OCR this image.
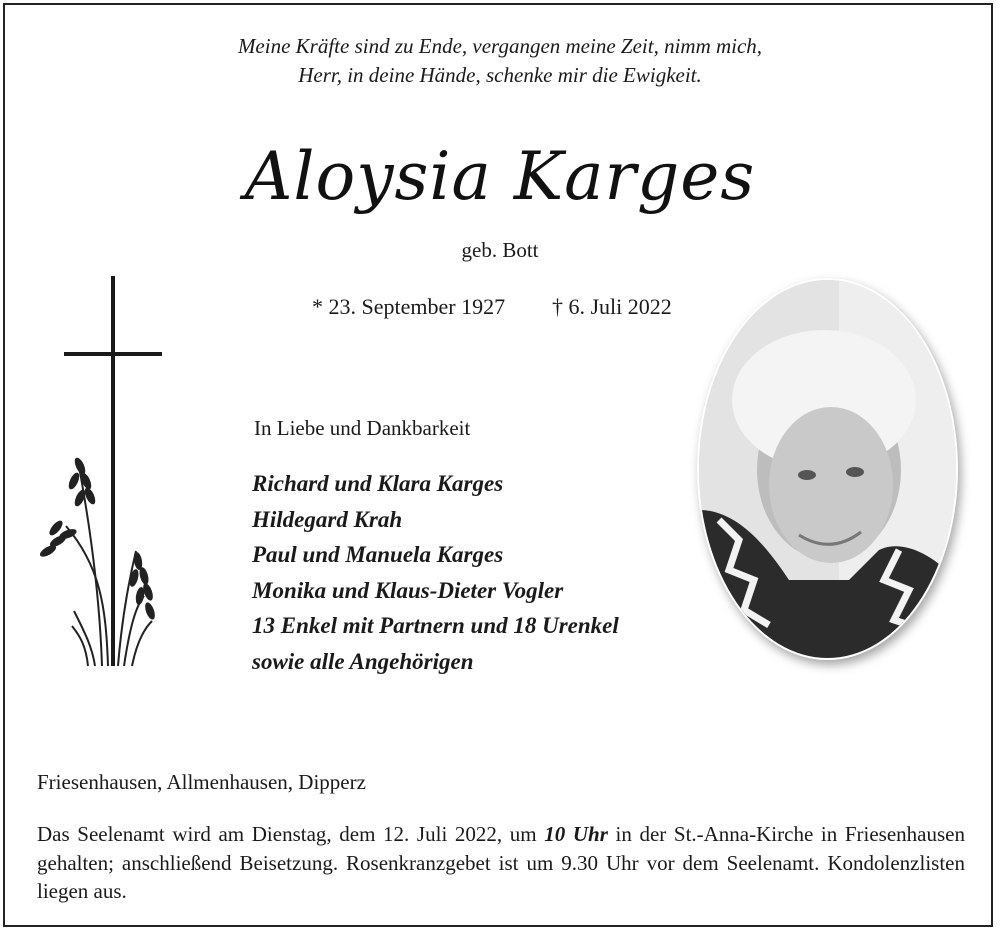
Meine Kräfte sind zu Ende, vergangen meine Zeit, nimm mich,
Herr, in deine Hände, schenke mir die Ewigkeit.
Aloysia Karges
geb. Bott
* 23. September 1927 † 6. Juli 2022
In Liebe und Dankbarkeit
Richard und Klara Karges
Hildegard Krah
Paul und Manuela Karges
Monika und Klaus-Dieter Vogler
13 Enkel mit Partnern und 18 Urenkel
sowie alle Angehörigen
Friesenhausen, Allmenhausen, Dipperz
Das Seelenamt wird am Dienstag, dem 12. Juli 2022, um 10 Uhr in der St.-Anna-Kirche in Friesenhausen gehalten; anschließend Beisetzung. Rosenkranzgebet ist um 9.30 Uhr vor dem Seelenamt. Kondolenzlisten liegen aus.
